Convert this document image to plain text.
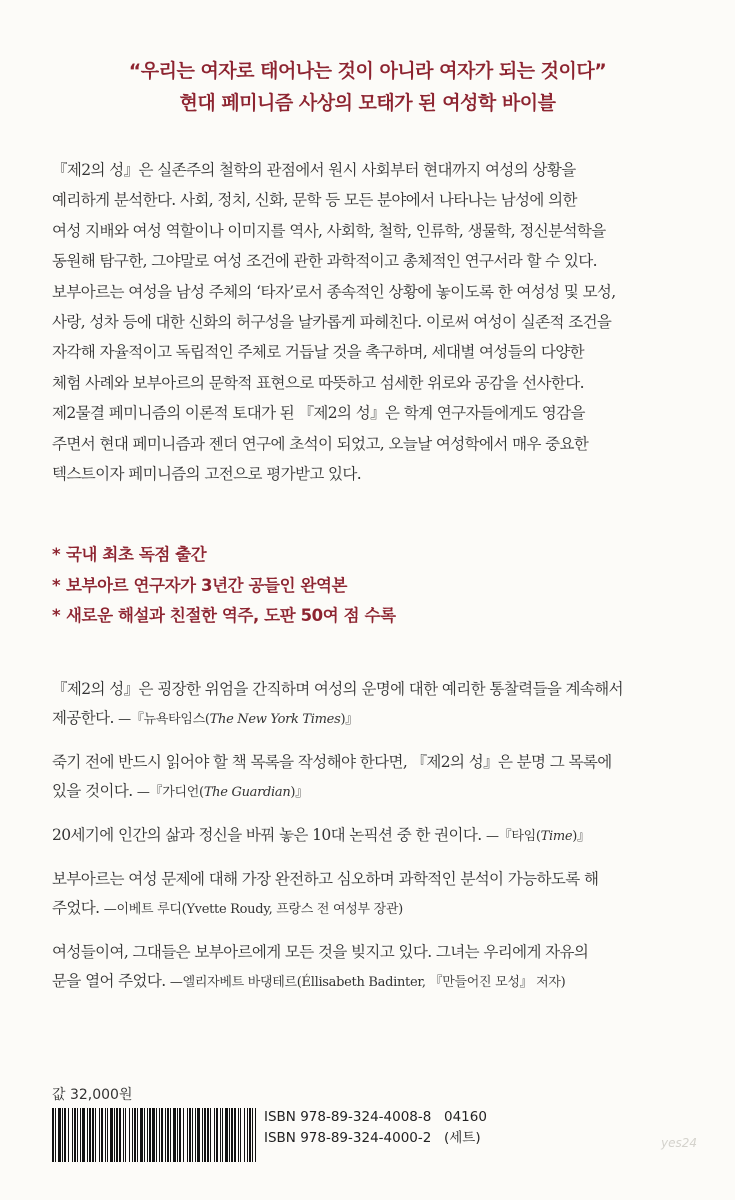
“우리는 여자로 태어나는 것이 아니라 여자가 되는 것이다”
현대 페미니즘 사상의 모태가 된 여성학 바이블

『제2의 성』은 실존주의 철학의 관점에서 원시 사회부터 현대까지 여성의 상황을

예리하게 분석한다. 사회, 정치, 신화, 문학 등 모든 분야에서 나타나는 남성에 의한

여성 지배와 여성 역할이나 이미지를 역사, 사회학, 철학, 인류학, 생물학, 정신분석학을

동원해 탐구한, 그야말로 여성 조건에 관한 과학적이고 총체적인 연구서라 할 수 있다.

보부아르는 여성을 남성 주체의 ‘타자’로서 종속적인 상황에 놓이도록 한 여성성 및 모성,

사랑, 성차 등에 대한 신화의 허구성을 날카롭게 파헤친다. 이로써 여성이 실존적 조건을

자각해 자율적이고 독립적인 주체로 거듭날 것을 촉구하며, 세대별 여성들의 다양한

체험 사례와 보부아르의 문학적 표현으로 따뜻하고 섬세한 위로와 공감을 선사한다.

제2물결 페미니즘의 이론적 토대가 된 『제2의 성』은 학계 연구자들에게도 영감을

주면서 현대 페미니즘과 젠더 연구에 초석이 되었고, 오늘날 여성학에서 매우 중요한

텍스트이자 페미니즘의 고전으로 평가받고 있다.

* 국내 최초 독점 출간
* 보부아르 연구자가 3년간 공들인 완역본
* 새로운 해설과 친절한 역주, 도판 50여 점 수록
『제2의 성』은 굉장한 위엄을 간직하며 여성의 운명에 대한 예리한 통찰력들을 계속해서
제공한다. —『뉴욕타임스(The New York Times)』
죽기 전에 반드시 읽어야 할 책 목록을 작성해야 한다면, 『제2의 성』은 분명 그 목록에
있을 것이다. —『가디언(The Guardian)』
20세기에 인간의 삶과 정신을 바꿔 놓은 10대 논픽션 중 한 권이다. —『타임(Time)』
보부아르는 여성 문제에 대해 가장 완전하고 심오하며 과학적인 분석이 가능하도록 해
주었다. —이베트 루디(Yvette Roudy, 프랑스 전 여성부 장관)
여성들이여, 그대들은 보부아르에게 모든 것을 빚지고 있다. 그녀는 우리에게 자유의
문을 열어 주었다. —엘리자베트 바댕테르(Éllisabeth Badinter, 『만들어진 모성』 저자)
값 32,000원
ISBN 978-89-324-4008-8 04160
ISBN 978-89-324-4000-2 (세트)	yes24
